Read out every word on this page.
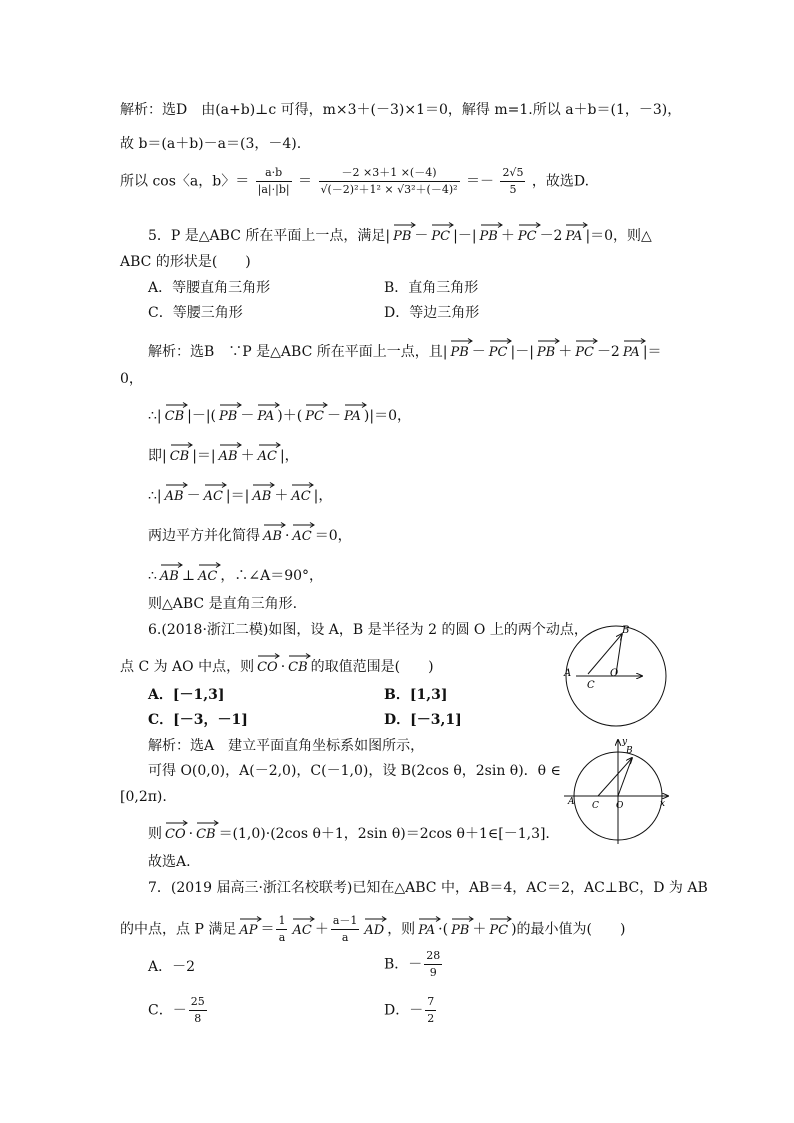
解析：选D　由(a+b)⊥c 可得，m×3＋(－3)×1＝0，解得 m=1.所以 a＋b＝(1，－3)，
故 b＝(a＋b)－a＝(3，－4).
所以 cos〈a，b〉＝ $\frac{a\cdot b}{|a|\cdot|b|} = \frac{-2 \times 3+1 \times(-4)}{\text{√(－2)²＋1² × √3²＋(－4)²}} =- \frac{2√5}{5}$ ，故选D.
5．P 是△ABC 所在平面上一点，满足| PB － PC |－| PB ＋ PC －2 PA |＝0，则△
ABC 的形状是(　　)
A．等腰直角三角形	B．直角三角形
C．等腰三角形	D．等边三角形
解析：选B　∵P 是△ABC 所在平面上一点，且| PB － PC |－| PB ＋ PC －2 PA |＝
0，
∴| CB |－|( PB － PA )＋( PC － PA )|＝0，
即| CB |＝| AB ＋ AC |，
∴| AB － AC |＝| AB ＋ AC |，
两边平方并化简得 AB · AC ＝0，
∴ AB ⊥ AC ，∴∠A＝90°，
则△ABC 是直角三角形.
6.(2018·浙江二模)如图，设 A，B 是半径为 2 的圆 O 上的两个动点，
点 C 为 AO 中点，则 CO · CB 的取值范围是(　　)
A．[－1,3]	B．[1,3]
C．[－3，－1]	D．[－3,1]
解析：选A　建立平面直角坐标系如图所示，
可得 O(0,0)，A(－2,0)，C(－1,0)，设 B(2cos θ，2sin θ)．θ ∈
[0,2π).
则 CO · CB ＝(1,0)·(2cos θ＋1，2sin θ)＝2cos θ＋1∈[－1,3].
故选A.
7．(2019 届高三·浙江名校联考)已知在△ABC 中，AB＝4，AC＝2，AC⊥BC，D 为 AB
的中点，点 P 满足 AP ＝ $\frac{1}{a}$ AC ＋ $\frac{a-1}{a}$ AD ，则 PA ·( PB ＋ PC )的最小值为(　　)
A．－2	B．－ $\frac{28}{9}$
C．－ $\frac{25}{8}$	D．－ $\frac{7}{2}$
A
B
C
O
A
B
C O	x
y
